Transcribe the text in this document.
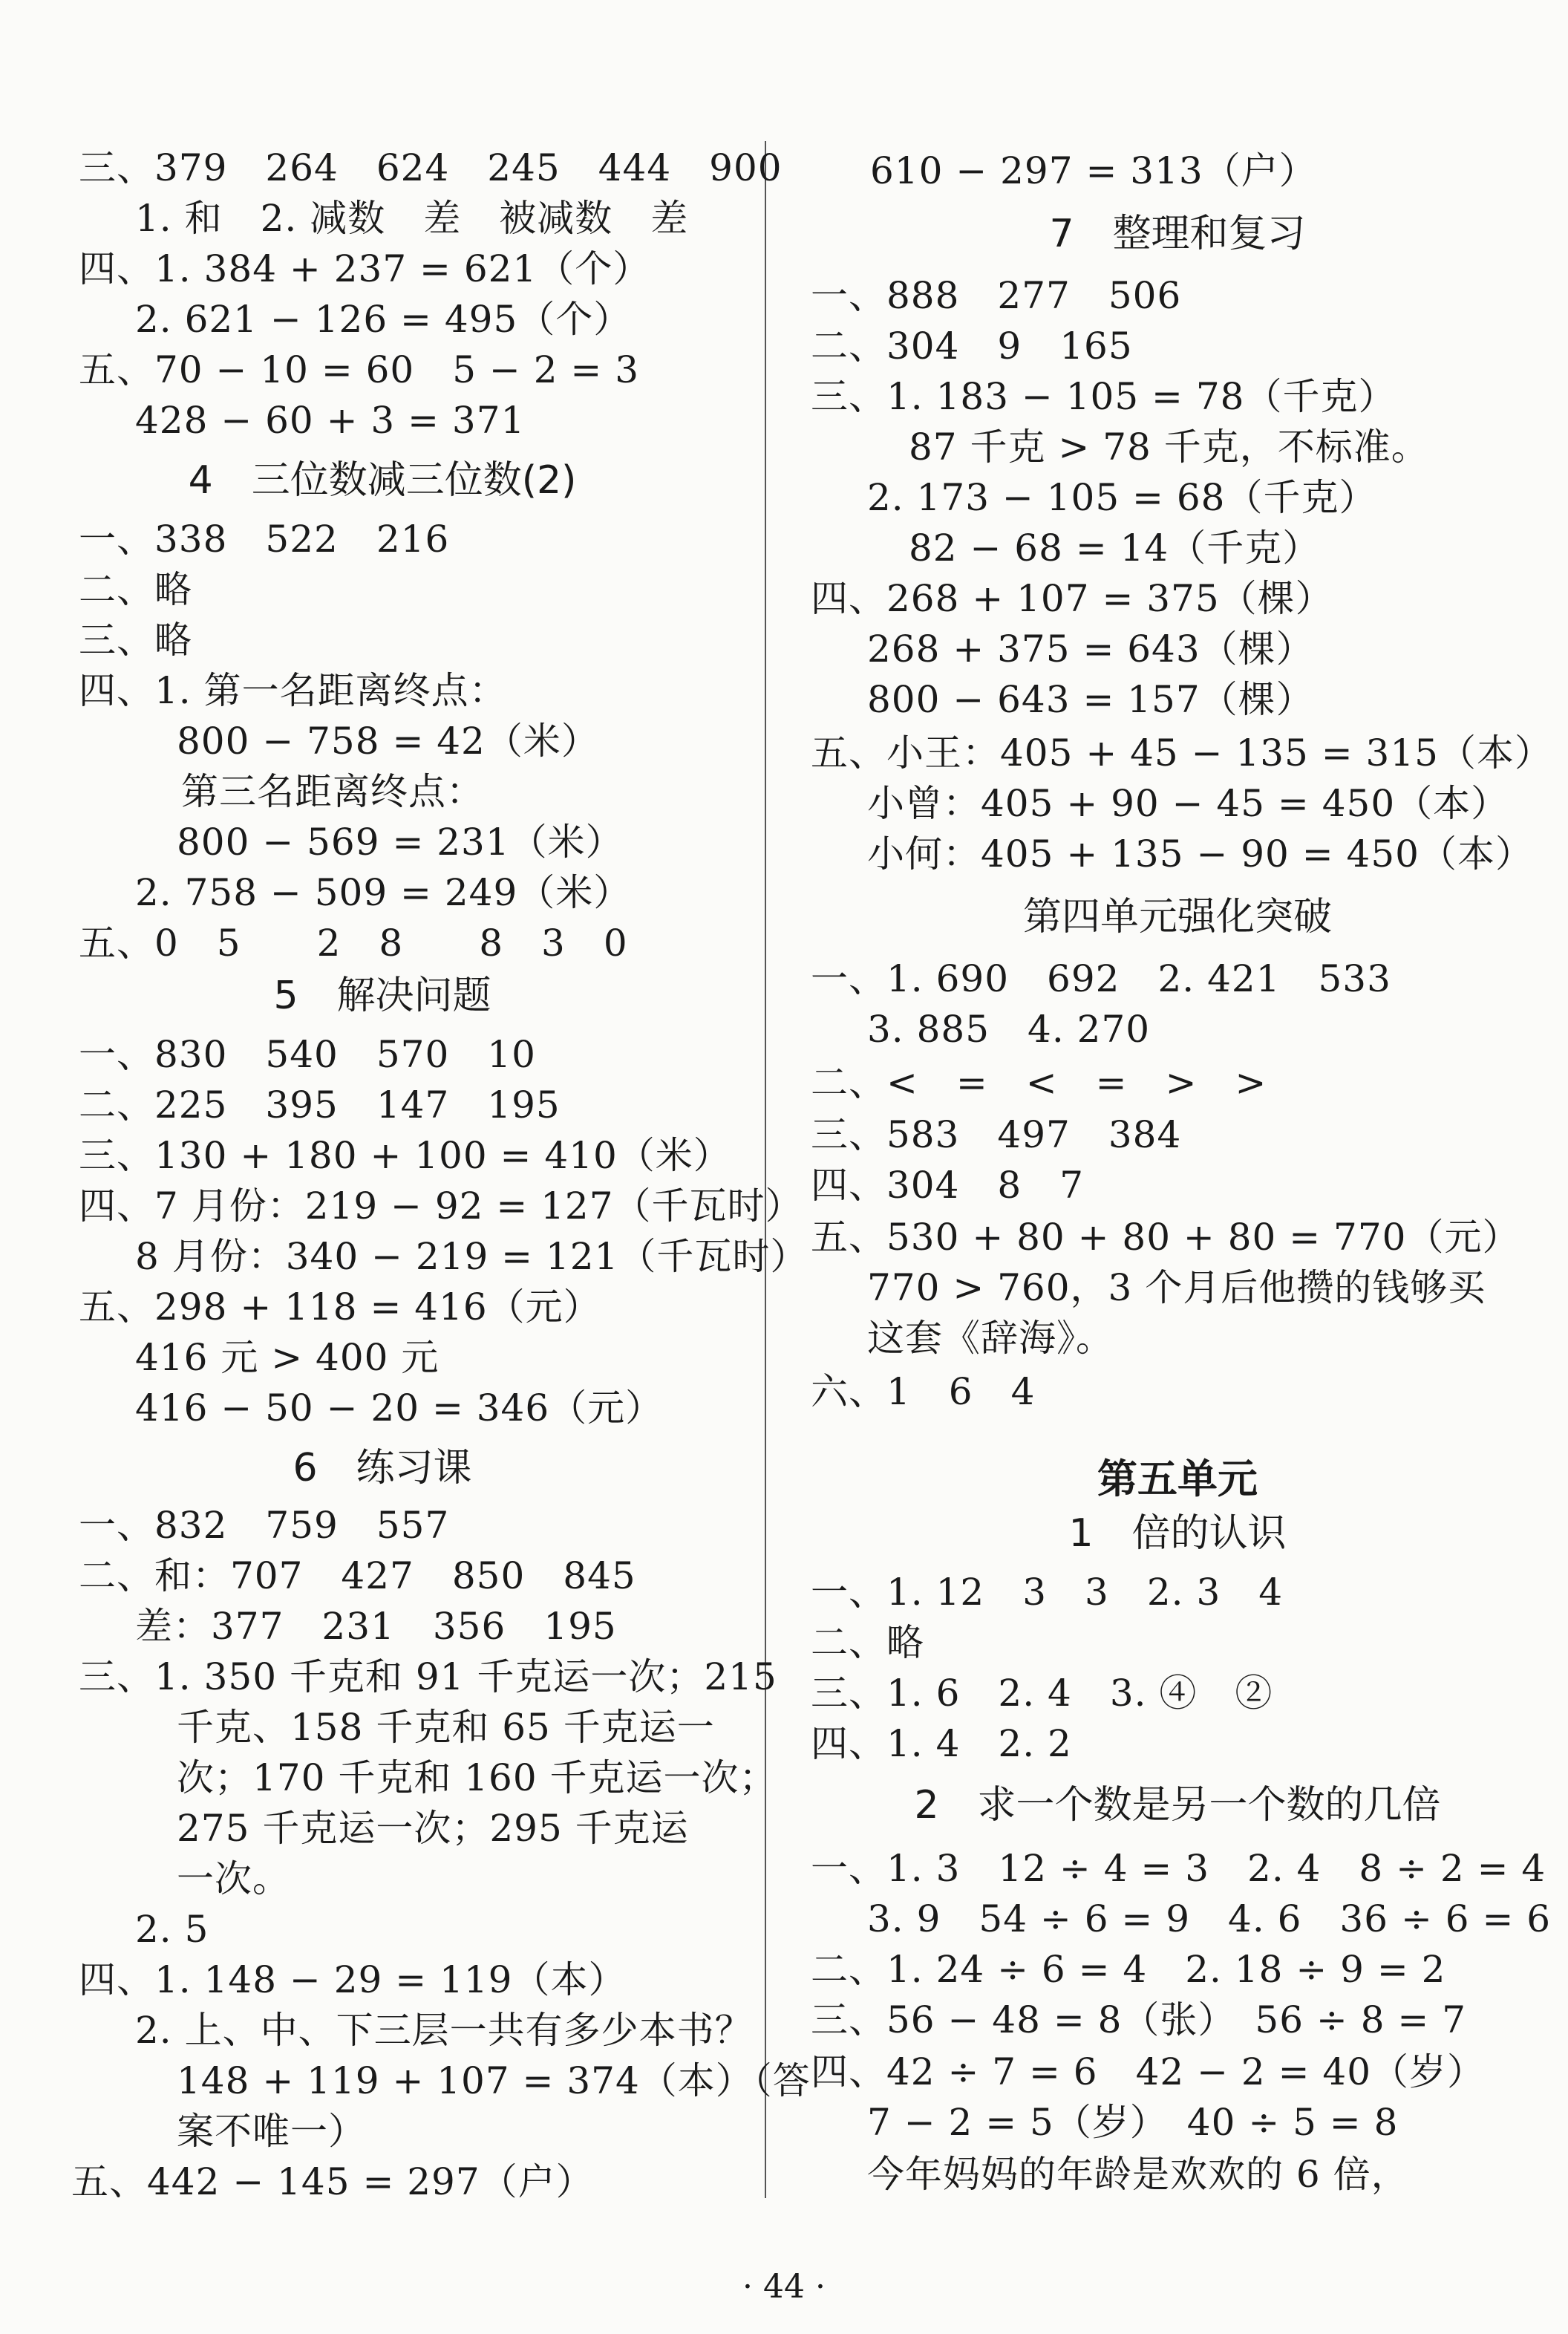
三、379　264　624　245　444　900
1. 和　2. 减数　差　被减数　差
四、1. 384 + 237 = 621（个）
2. 621 − 126 = 495（个）
五、70 − 10 = 60　5 − 2 = 3
428 − 60 + 3 = 371
4　三位数减三位数(2)
一、338　522　216
二、略
三、略
四、1. 第一名距离终点：
800 − 758 = 42（米）
第三名距离终点：
800 − 569 = 231（米）
2. 758 − 509 = 249（米）
五、0　5　　2　8　　8　3　0
5　解决问题
一、830　540　570　10
二、225　395　147　195
三、130 + 180 + 100 = 410（米）
四、7 月份：219 − 92 = 127（千瓦时）
8 月份：340 − 219 = 121（千瓦时）
五、298 + 118 = 416（元）
416 元 > 400 元
416 − 50 − 20 = 346（元）
6　练习课
一、832　759　557
二、和：707　427　850　845
差：377　231　356　195
三、1. 350 千克和 91 千克运一次；215
千克、158 千克和 65 千克运一
次；170 千克和 160 千克运一次；
275 千克运一次；295 千克运
一次。
2. 5
四、1. 148 − 29 = 119（本）
2. 上、中、下三层一共有多少本书？
148 + 119 + 107 = 374（本）（答
案不唯一）
五、442 − 145 = 297（户）
610 − 297 = 313（户）
7　整理和复习
一、888　277　506
二、304　9　165
三、1. 183 − 105 = 78（千克）
87 千克 > 78 千克，不标准。
2. 173 − 105 = 68（千克）
82 − 68 = 14（千克）
四、268 + 107 = 375（棵）
268 + 375 = 643（棵）
800 − 643 = 157（棵）
五、小王：405 + 45 − 135 = 315（本）
小曾：405 + 90 − 45 = 450（本）
小何：405 + 135 − 90 = 450（本）
第四单元强化突破
一、1. 690　692　2. 421　533
3. 885　4. 270
二、<　=　<　=　>　>
三、583　497　384
四、304　8　7
五、530 + 80 + 80 + 80 = 770（元）
770 > 760，3 个月后他攒的钱够买
这套《辞海》。
六、1　6　4
第五单元
1　倍的认识
一、1. 12　3　3　2. 3　4
二、略
三、1. 6　2. 4　3. ④　②
四、1. 4　2. 2
2　求一个数是另一个数的几倍
一、1. 3　12 ÷ 4 = 3　2. 4　8 ÷ 2 = 4
3. 9　54 ÷ 6 = 9　4. 6　36 ÷ 6 = 6
二、1. 24 ÷ 6 = 4　2. 18 ÷ 9 = 2
三、56 − 48 = 8（张）　56 ÷ 8 = 7
四、42 ÷ 7 = 6　42 − 2 = 40（岁）
7 − 2 = 5（岁）　40 ÷ 5 = 8
今年妈妈的年龄是欢欢的 6 倍，
· 44 ·
